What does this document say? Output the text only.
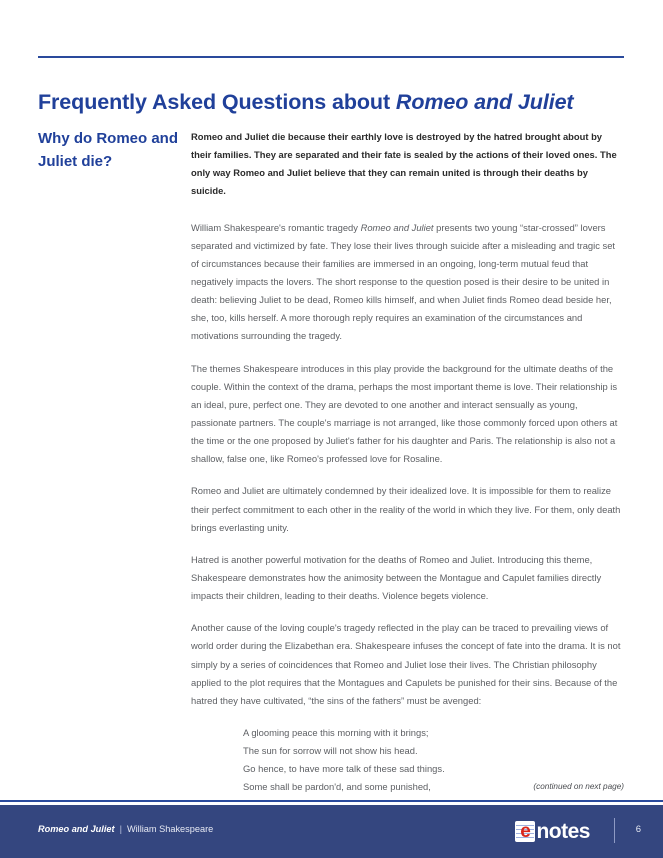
Frequently Asked Questions about Romeo and Juliet
Why do Romeo and Juliet die?

Romeo and Juliet die because their earthly love is destroyed by the hatred brought about by their families. They are separated and their fate is sealed by the actions of their loved ones. The only way Romeo and Juliet believe that they can remain united is through their deaths by suicide.

William Shakespeare's romantic tragedy Romeo and Juliet presents two young “star-crossed” lovers separated and victimized by fate. They lose their lives through suicide after a misleading and tragic set of circumstances because their families are immersed in an ongoing, long-term mutual feud that negatively impacts the lovers. The short response to the question posed is their desire to be united in death: believing Juliet to be dead, Romeo kills himself, and when Juliet finds Romeo dead beside her, she, too, kills herself. A more thorough reply requires an examination of the circumstances and motivations surrounding the tragedy.

The themes Shakespeare introduces in this play provide the background for the ultimate deaths of the couple. Within the context of the drama, perhaps the most important theme is love. Their relationship is an ideal, pure, perfect one. They are devoted to one another and interact sensually as young, passionate partners. The couple's marriage is not arranged, like those commonly forced upon others at the time or the one proposed by Juliet's father for his daughter and Paris. The relationship is also not a shallow, false one, like Romeo's professed love for Rosaline.

Romeo and Juliet are ultimately condemned by their idealized love. It is impossible for them to realize their perfect commitment to each other in the reality of the world in which they live. For them, only death brings everlasting unity.

Hatred is another powerful motivation for the deaths of Romeo and Juliet. Introducing this theme, Shakespeare demonstrates how the animosity between the Montague and Capulet families directly impacts their children, leading to their deaths. Violence begets violence.

Another cause of the loving couple's tragedy reflected in the play can be traced to prevailing views of world order during the Elizabethan era. Shakespeare infuses the concept of fate into the drama. It is not simply by a series of coincidences that Romeo and Juliet lose their lives. The Christian philosophy applied to the plot requires that the Montagues and Capulets be punished for their sins. Because of the hatred they have cultivated, “the sins of the fathers” must be avenged:

A glooming peace this morning with it brings;
The sun for sorrow will not show his head.
Go hence, to have more talk of these sad things.
Some shall be pardon'd, and some punished,	(continued on next page)
Romeo and Juliet | William Shakespeare	e notes	6
